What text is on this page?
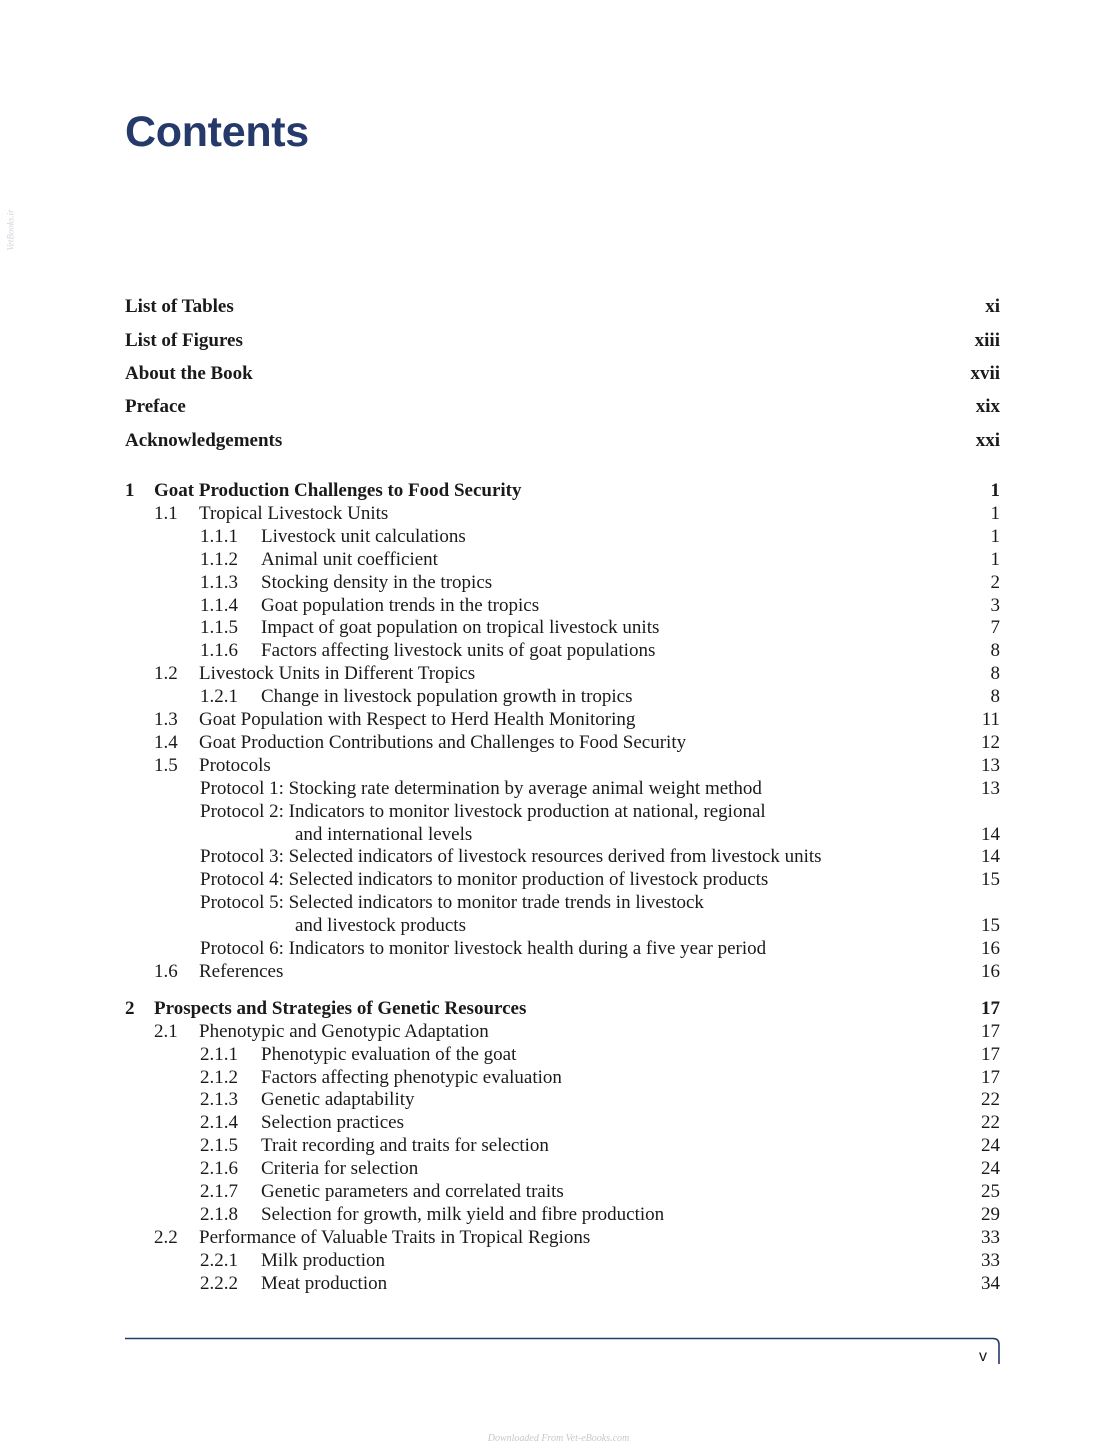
Contents
VetBooks.ir
List of Tables	xi
List of Figures	xiii
About the Book	xvii
Preface	xix
Acknowledgements	xxi
1 Goat Production Challenges to Food Security	1
1.1 Tropical Livestock Units	1
1.1.1 Livestock unit calculations	1
1.1.2 Animal unit coefficient	1
1.1.3 Stocking density in the tropics	2
1.1.4 Goat population trends in the tropics	3
1.1.5 Impact of goat population on tropical livestock units	7
1.1.6 Factors affecting livestock units of goat populations	8
1.2 Livestock Units in Different Tropics	8
1.2.1 Change in livestock population growth in tropics	8
1.3 Goat Population with Respect to Herd Health Monitoring	11
1.4 Goat Production Contributions and Challenges to Food Security	12
1.5 Protocols	13
Protocol 1: Stocking rate determination by average animal weight method	13
Protocol 2: Indicators to monitor livestock production at national, regional
and international levels	14
Protocol 3: Selected indicators of livestock resources derived from livestock units	14
Protocol 4: Selected indicators to monitor production of livestock products	15
Protocol 5: Selected indicators to monitor trade trends in livestock
and livestock products	15
Protocol 6: Indicators to monitor livestock health during a five year period	16
1.6 References	16
2 Prospects and Strategies of Genetic Resources	17
2.1 Phenotypic and Genotypic Adaptation	17
2.1.1 Phenotypic evaluation of the goat	17
2.1.2 Factors affecting phenotypic evaluation	17
2.1.3 Genetic adaptability	22
2.1.4 Selection practices	22
2.1.5 Trait recording and traits for selection	24
2.1.6 Criteria for selection	24
2.1.7 Genetic parameters and correlated traits	25
2.1.8 Selection for growth, milk yield and fibre production	29
2.2 Performance of Valuable Traits in Tropical Regions	33
2.2.1 Milk production	33
2.2.2 Meat production	34
v
Downloaded From Vet-eBooks.com
